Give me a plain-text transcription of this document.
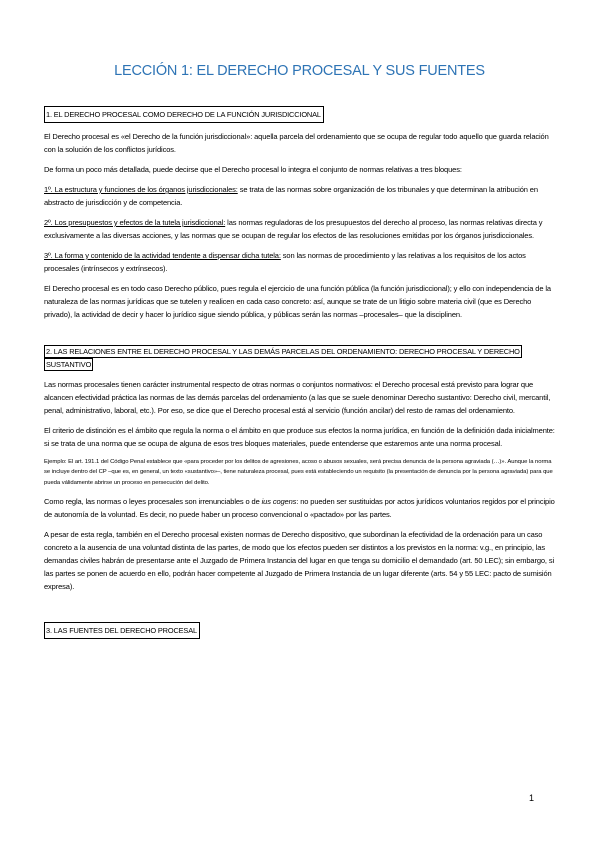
LECCIÓN 1: EL DERECHO PROCESAL Y SUS FUENTES
1. EL DERECHO PROCESAL COMO DERECHO DE LA FUNCIÓN JURISDICCIONAL

El Derecho procesal es «el Derecho de la función jurisdiccional»: aquella parcela del ordenamiento que se ocupa de regular todo aquello que guarda relación con la solución de los conflictos jurídicos.

De forma un poco más detallada, puede decirse que el Derecho procesal lo integra el conjunto de normas relativas a tres bloques:

1º. La estructura y funciones de los órganos jurisdiccionales: se trata de las normas sobre organización de los tribunales y que determinan la atribución en abstracto de jurisdicción y de competencia.

2º. Los presupuestos y efectos de la tutela jurisdiccional: las normas reguladoras de los presupuestos del derecho al proceso, las normas relativas directa y exclusivamente a las diversas acciones, y las normas que se ocupan de regular los efectos de las resoluciones emitidas por los órganos jurisdiccionales.

3º. La forma y contenido de la actividad tendente a dispensar dicha tutela: son las normas de procedimiento y las relativas a los requisitos de los actos procesales (intrínsecos y extrínsecos).

El Derecho procesal es en todo caso Derecho público, pues regula el ejercicio de una función pública (la función jurisdiccional); y ello con independencia de la naturaleza de las normas jurídicas que se tutelen y realicen en cada caso concreto: así, aunque se trate de un litigio sobre materia civil (que es Derecho privado), la actividad de decir y hacer lo jurídico sigue siendo pública, y públicas serán las normas –procesales– que la disciplinen.

2. LAS RELACIONES ENTRE EL DERECHO PROCESAL Y LAS DEMÁS PARCELAS DEL ORDENAMIENTO: DERECHO PROCESAL Y DERECHO SUSTANTIVO

Las normas procesales tienen carácter instrumental respecto de otras normas o conjuntos normativos: el Derecho procesal está previsto para lograr que alcancen efectividad práctica las normas de las demás parcelas del ordenamiento (a las que se suele denominar Derecho sustantivo: Derecho civil, mercantil, penal, administrativo, laboral, etc.). Por eso, se dice que el Derecho procesal está al servicio (función ancilar) del resto de ramas del ordenamiento.

El criterio de distinción es el ámbito que regula la norma o el ámbito en que produce sus efectos la norma jurídica, en función de la definición dada inicialmente: si se trata de una norma que se ocupa de alguna de esos tres bloques materiales, puede entenderse que estaremos ante una norma procesal.

Ejemplo: El art. 191.1 del Código Penal establece que «para proceder por los delitos de agresiones, acoso o abusos sexuales, será precisa denuncia de la persona agraviada (…)». Aunque la norma se incluye dentro del CP –que es, en general, un texto «sustantivo»–, tiene naturaleza procesal, pues está estableciendo un requisito (la presentación de denuncia por la persona agraviada) para que pueda válidamente abrirse un proceso en persecución del delito.

Como regla, las normas o leyes procesales son irrenunciables o de ius cogens: no pueden ser sustituidas por actos jurídicos voluntarios regidos por el principio de autonomía de la voluntad. Es decir, no puede haber un proceso convencional o «pactado» por las partes.

A pesar de esta regla, también en el Derecho procesal existen normas de Derecho dispositivo, que subordinan la efectividad de la ordenación para un caso concreto a la ausencia de una voluntad distinta de las partes, de modo que los efectos pueden ser distintos a los previstos en la norma: v.g., en principio, las demandas civiles habrán de presentarse ante el Juzgado de Primera Instancia del lugar en que tenga su domicilio el demandado (art. 50 LEC); sin embargo, si las partes se ponen de acuerdo en ello, podrán hacer competente al Juzgado de Primera Instancia de un lugar diferente (arts. 54 y 55 LEC: pacto de sumisión expresa).

3. LAS FUENTES DEL DERECHO PROCESAL
1
